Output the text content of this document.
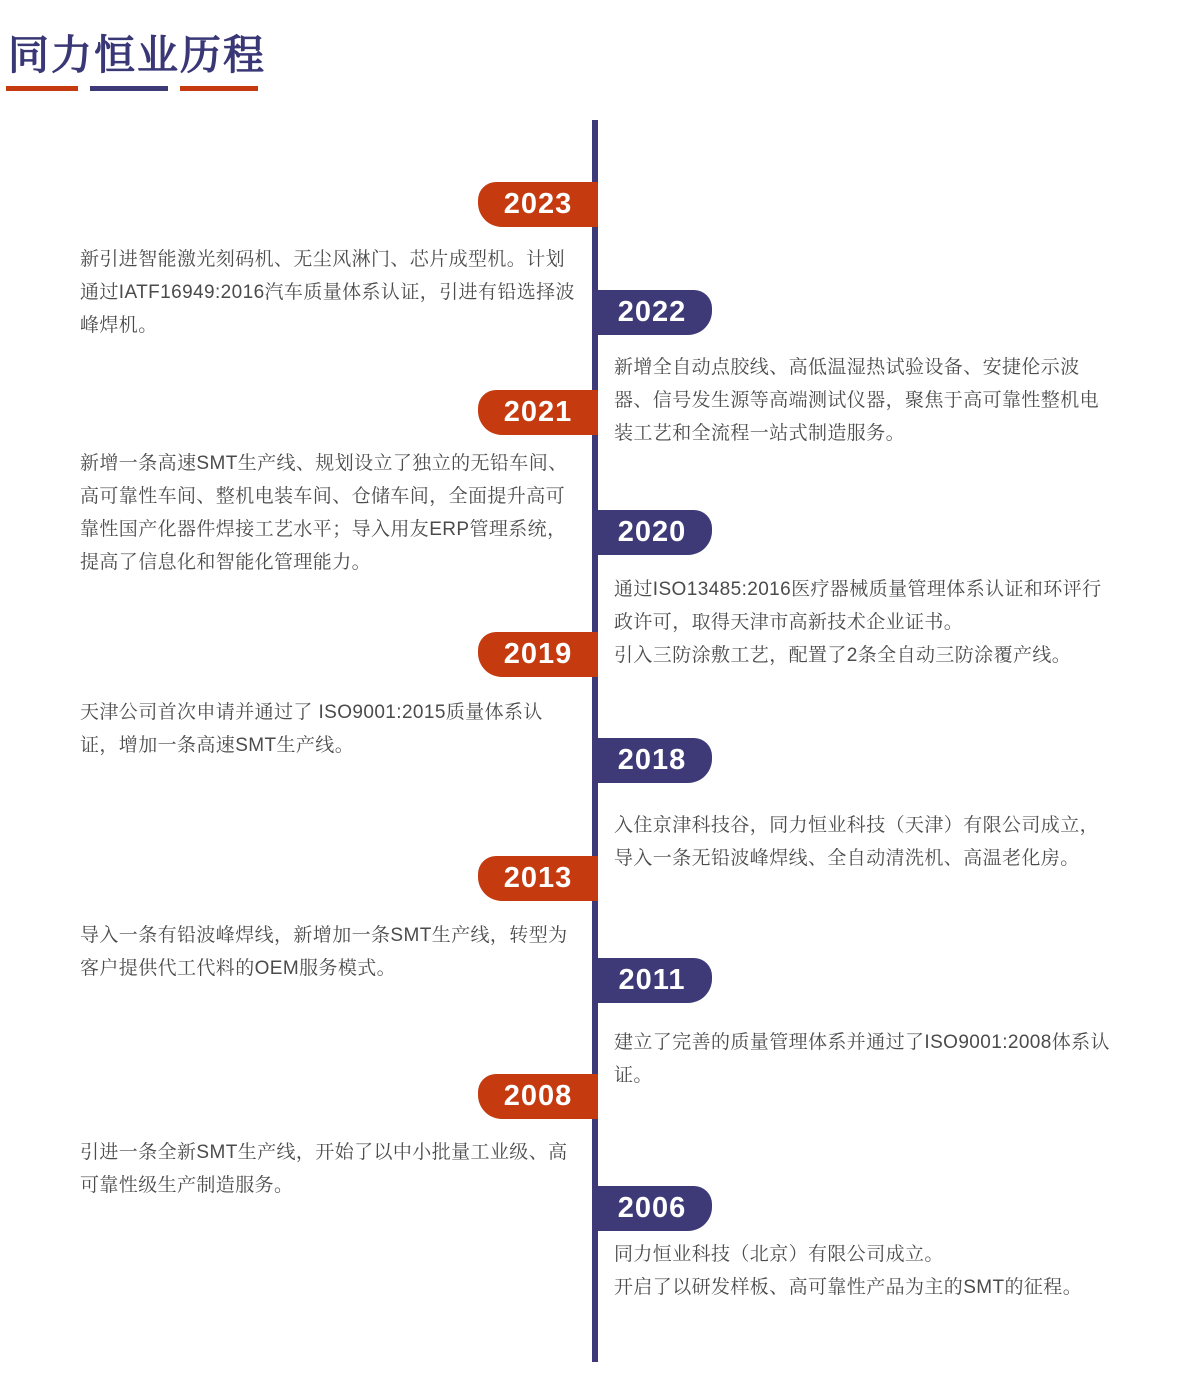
同力恒业历程
2023
新引进智能激光刻码机、无尘风淋门、芯片成型机。计划通过IATF16949:2016汽车质量体系认证，引进有铅选择波峰焊机。	2022
新增全自动点胶线、高低温湿热试验设备、安捷伦示波器、信号发生源等高端测试仪器，聚焦于高可靠性整机电装工艺和全流程一站式制造服务。
2021
新增一条高速SMT生产线、规划设立了独立的无铅车间、高可靠性车间、整机电装车间、仓储车间，全面提升高可靠性国产化器件焊接工艺水平；导入用友ERP管理系统，提高了信息化和智能化管理能力。
2020
通过ISO13485:2016医疗器械质量管理体系认证和环评行政许可，取得天津市高新技术企业证书。
引入三防涂敷工艺，配置了2条全自动三防涂覆产线。
2019
天津公司首次申请并通过了 ISO9001:2015质量体系认证，增加一条高速SMT生产线。	2018
入住京津科技谷，同力恒业科技（天津）有限公司成立，导入一条无铅波峰焊线、全自动清洗机、高温老化房。
2013
导入一条有铅波峰焊线，新增加一条SMT生产线，转型为客户提供代工代料的OEM服务模式。	2011
建立了完善的质量管理体系并通过了ISO9001:2008体系认证。
2008
引进一条全新SMT生产线，开始了以中小批量工业级、高可靠性级生产制造服务。
2006
同力恒业科技（北京）有限公司成立。
开启了以研发样板、高可靠性产品为主的SMT的征程。
